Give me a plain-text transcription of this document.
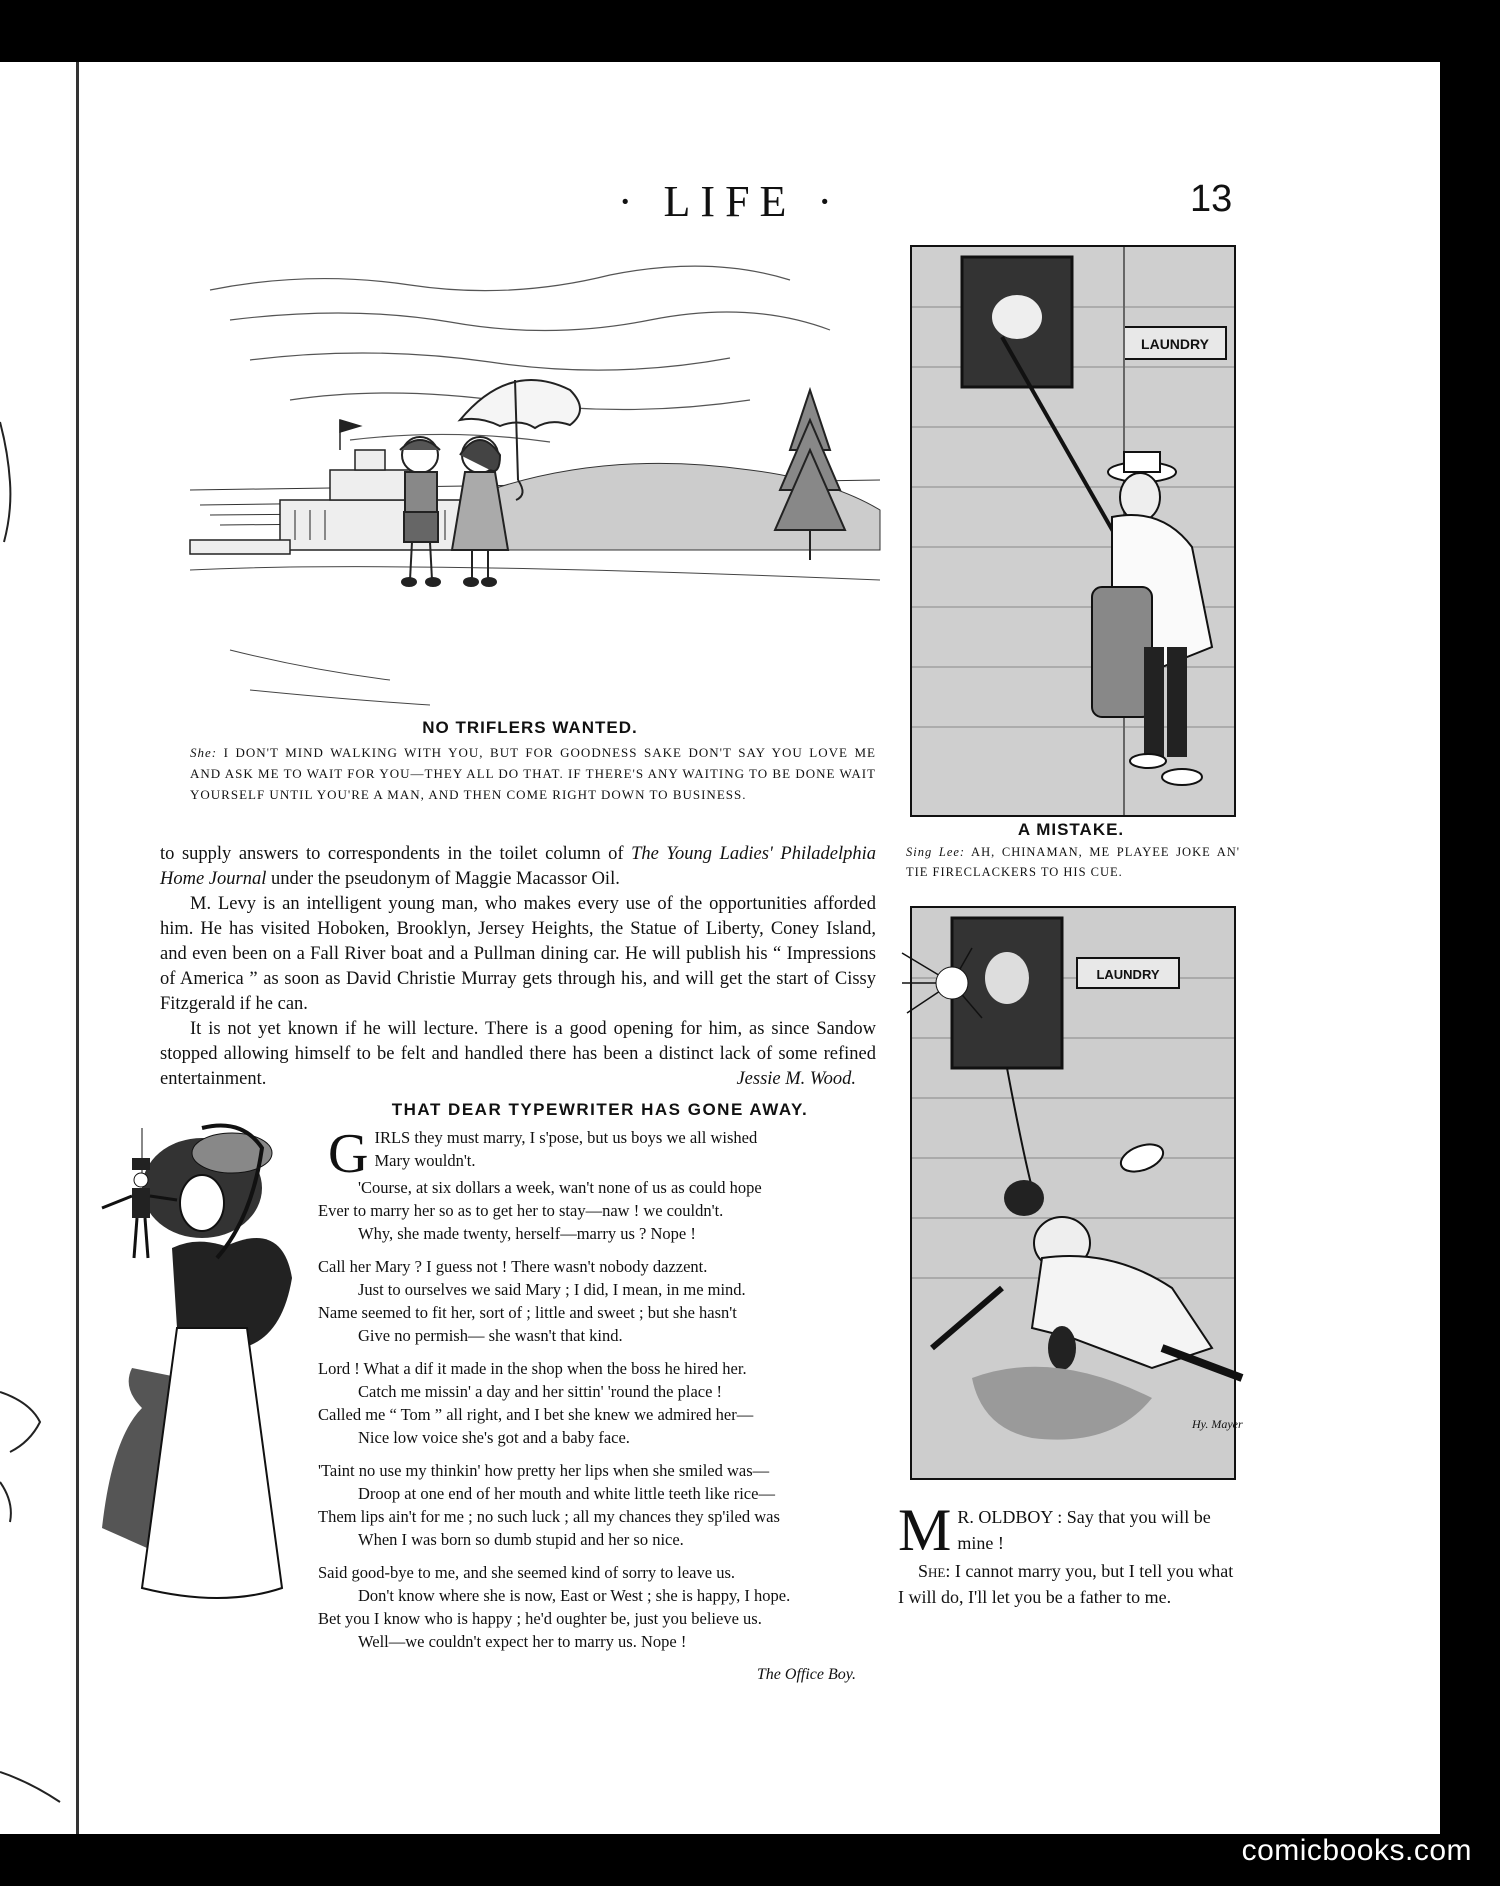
· LIFE ·	13
NO TRIFLERS WANTED.
She: I DON'T MIND WALKING WITH YOU, BUT FOR GOODNESS SAKE DON'T SAY YOU LOVE ME AND ASK ME TO WAIT FOR YOU—THEY ALL DO THAT. IF THERE'S ANY WAITING TO BE DONE WAIT YOURSELF UNTIL YOU'RE A MAN, AND THEN COME RIGHT DOWN TO BUSINESS.
LAUNDRY
A MISTAKE.
Sing Lee: AH, CHINAMAN, ME PLAYEE JOKE AN' TIE FIRECLACKERS TO HIS CUE.
LAUNDRY
Hy. Mayer

to supply answers to correspondents in the toilet column of The Young Ladies' Philadelphia Home Journal under the pseudonym of Maggie Macassor Oil.

M. Levy is an intelligent young man, who makes every use of the opportunities afforded him. He has visited Hoboken, Brooklyn, Jersey Heights, the Statue of Liberty, Coney Island, and even been on a Fall River boat and a Pullman dining car. He will publish his “ Impressions of America ” as soon as David Christie Murray gets through his, and will get the start of Cissy Fitzgerald if he can.

It is not yet known if he will lecture. There is a good opening for him, as since Sandow stopped allowing himself to be felt and handled there has been a distinct lack of some refined entertainment.	Jessie M. Wood.
THAT DEAR TYPEWRITER HAS GONE AWAY.
G IRLS they must marry, I s'pose, but us boys we all wished
Mary wouldn't.
'Course, at six dollars a week, wan't none of us as could hope
Ever to marry her so as to get her to stay—naw ! we couldn't.
Why, she made twenty, herself—marry us ? Nope !
Call her Mary ? I guess not ! There wasn't nobody dazzent.
Just to ourselves we said Mary ; I did, I mean, in me mind.
Name seemed to fit her, sort of ; little and sweet ; but she hasn't
Give no permish— she wasn't that kind.
Lord ! What a dif it made in the shop when the boss he hired her.
Catch me missin' a day and her sittin' 'round the place !
Called me “ Tom ” all right, and I bet she knew we admired her—
Nice low voice she's got and a baby face.
'Taint no use my thinkin' how pretty her lips when she smiled was—
Droop at one end of her mouth and white little teeth like rice—
Them lips ain't for me ; no such luck ; all my chances they sp'iled was
When I was born so dumb stupid and her so nice.
Said good-bye to me, and she seemed kind of sorry to leave us.
Don't know where she is now, East or West ; she is happy, I hope.
Bet you I know who is happy ; he'd oughter be, just you believe us.
Well—we couldn't expect her to marry us. Nope !
The Office Boy.

M R. OLDBOY : Say that you will be mine !

She: I cannot marry you, but I tell you what I will do, I'll let you be a father to me.

comicbooks.com
